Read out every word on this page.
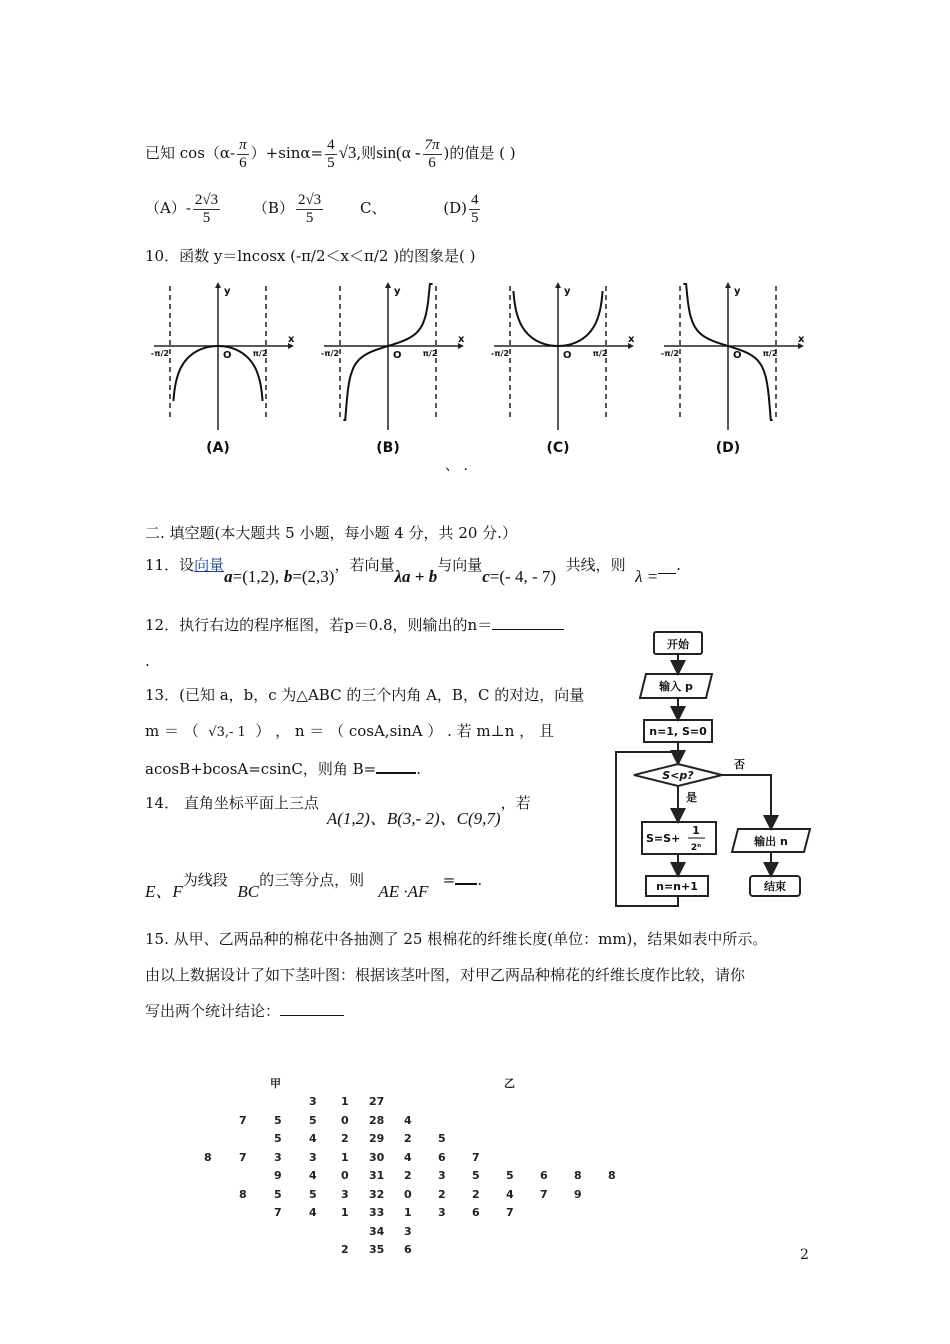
已知 $\cos(\alpha- \frac{\pi}{6} )+\sin\alpha= \frac{4}{5} √3$,则$\sin(\alpha - \frac{7\pi}{6}$ )的值是 ( )
$(A)- \frac{2√3}{5} (B) \frac{2√3}{5}$ C、	$(D) \frac{4}{5}$
10．函数 y＝lncosx (-π/2＜x＜π/2 )的图象是( )
y
x
O
-π/2	π/2
(A)
y
x
O
-π/2	π/2
(B)
y
x
O
-π/2	π/2
(C)
y
x
O
-π/2	π/2
(D)
、 .
二. 填空题(本大题共 5 小题，每小题 4 分，共 20 分.）
11．设向量a=(1,2), b=(2,3)，若向量λa + b与向量c=(- 4, - 7)  共线，则  λ =.
12．执行右边的程序框图，若p＝0.8，则输出的n＝
.
13．(已知 a，b，c 为△ABC 的三个内角 A，B，C 的对边，向量
m ＝ （ √3,- 1 ） ， n ＝ （ cosA,sinA ） . 若 m⊥n ， 且
acosB+bcosA=csinC，则角 B=	.
14． 直角坐标平面上三点A(1,2)、B(3,- 2)、C(9,7)，若
E、F为线段  BC的三等分点，则   AE ·AF   = .
开始
输入 p
n=1, S=0
S<p?
是
否
S=S+
1
2ⁿ
n=n+1
输出 n
结束
15. 从甲、乙两品种的棉花中各抽测了 25 根棉花的纤维长度(单位：mm)，结果如表中所示。
由以上数据设计了如下茎叶图：根据该茎叶图，对甲乙两品种棉花的纤维长度作比较，请你
写出两个统计结论：
甲	乙
3 1 27
7 5 5 0 28 4
5 4 2 29 2 5
8 7 3 3 1 30 4 6 7
9 4 0 31 2 3 5 5 6 8 8
8 5 5 3 32 0 2 2 4 7 9
7 4 1 33 1 3 6 7
34 3
2 35 6	2
